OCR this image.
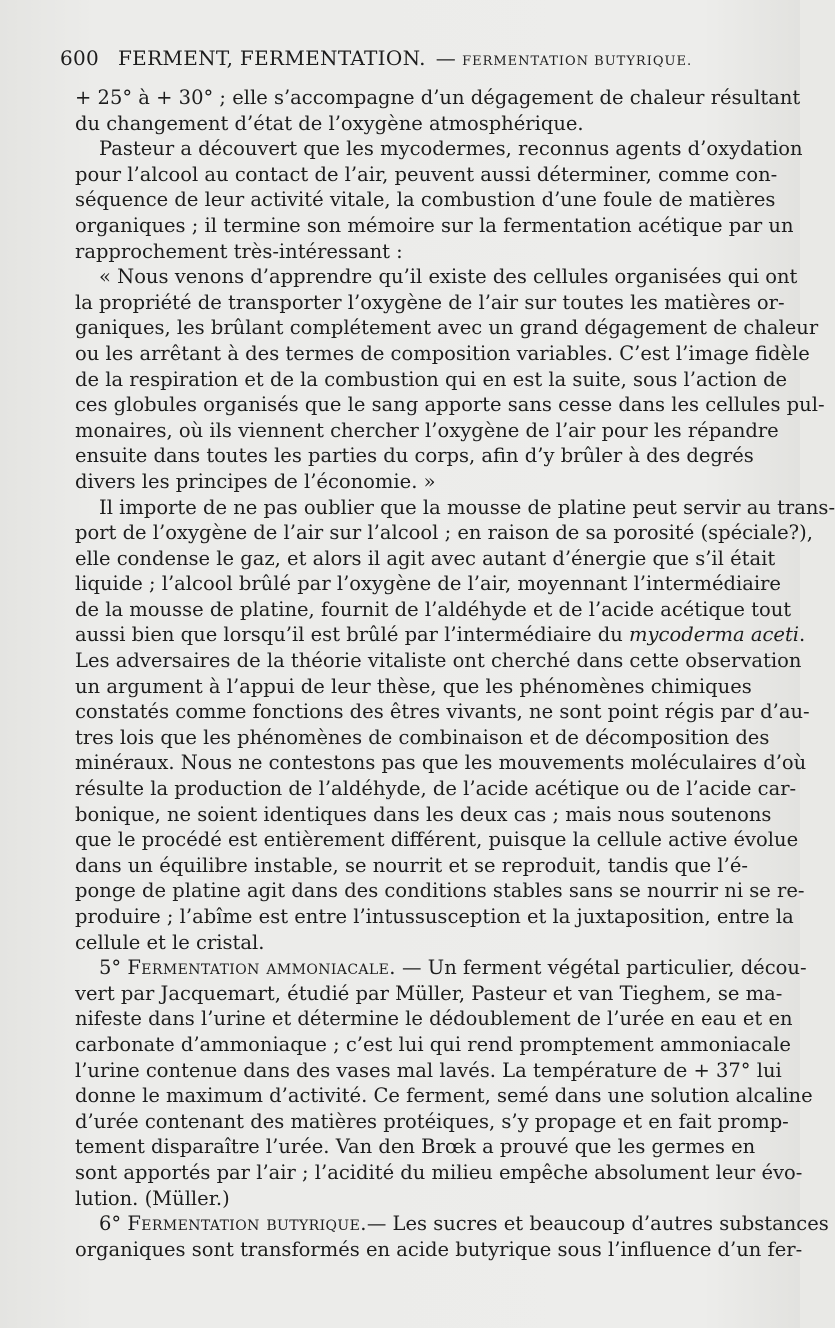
600 FERMENT, FERMENTATION. — FERMENTATION BUTYRIQUE.
+ 25° à + 30° ; elle s’accompagne d’un dégagement de chaleur résultant
du changement d’état de l’oxygène atmosphérique.
Pasteur a découvert que les mycodermes, reconnus agents d’oxydation
pour l’alcool au contact de l’air, peuvent aussi déterminer, comme con-
séquence de leur activité vitale, la combustion d’une foule de matières
organiques ; il termine son mémoire sur la fermentation acétique par un
rapprochement très-intéressant :
« Nous venons d’apprendre qu’il existe des cellules organisées qui ont
la propriété de transporter l’oxygène de l’air sur toutes les matières or-
ganiques, les brûlant complétement avec un grand dégagement de chaleur
ou les arrêtant à des termes de composition variables. C’est l’image fidèle
de la respiration et de la combustion qui en est la suite, sous l’action de
ces globules organisés que le sang apporte sans cesse dans les cellules pul-
monaires, où ils viennent chercher l’oxygène de l’air pour les répandre
ensuite dans toutes les parties du corps, afin d’y brûler à des degrés
divers les principes de l’économie. »
Il importe de ne pas oublier que la mousse de platine peut servir au trans-
port de l’oxygène de l’air sur l’alcool ; en raison de sa porosité (spéciale?),
elle condense le gaz, et alors il agit avec autant d’énergie que s’il était
liquide ; l’alcool brûlé par l’oxygène de l’air, moyennant l’intermédiaire
de la mousse de platine, fournit de l’aldéhyde et de l’acide acétique tout
aussi bien que lorsqu’il est brûlé par l’intermédiaire du mycoderma aceti.
Les adversaires de la théorie vitaliste ont cherché dans cette observation
un argument à l’appui de leur thèse, que les phénomènes chimiques
constatés comme fonctions des êtres vivants, ne sont point régis par d’au-
tres lois que les phénomènes de combinaison et de décomposition des
minéraux. Nous ne contestons pas que les mouvements moléculaires d’où
résulte la production de l’aldéhyde, de l’acide acétique ou de l’acide car-
bonique, ne soient identiques dans les deux cas ; mais nous soutenons
que le procédé est entièrement différent, puisque la cellule active évolue
dans un équilibre instable, se nourrit et se reproduit, tandis que l’é-
ponge de platine agit dans des conditions stables sans se nourrir ni se re-
produire ; l’abîme est entre l’intussusception et la juxtaposition, entre la
cellule et le cristal.
5° Fermentation ammoniacale. — Un ferment végétal particulier, décou-
vert par Jacquemart, étudié par Müller, Pasteur et van Tieghem, se ma-
nifeste dans l’urine et détermine le dédoublement de l’urée en eau et en
carbonate d’ammoniaque ; c’est lui qui rend promptement ammoniacale
l’urine contenue dans des vases mal lavés. La température de + 37° lui
donne le maximum d’activité. Ce ferment, semé dans une solution alcaline
d’urée contenant des matières protéiques, s’y propage et en fait promp-
tement disparaître l’urée. Van den Brœk a prouvé que les germes en
sont apportés par l’air ; l’acidité du milieu empêche absolument leur évo-
lution. (Müller.)
6° Fermentation butyrique.— Les sucres et beaucoup d’autres substances
organiques sont transformés en acide butyrique sous l’influence d’un fer-
